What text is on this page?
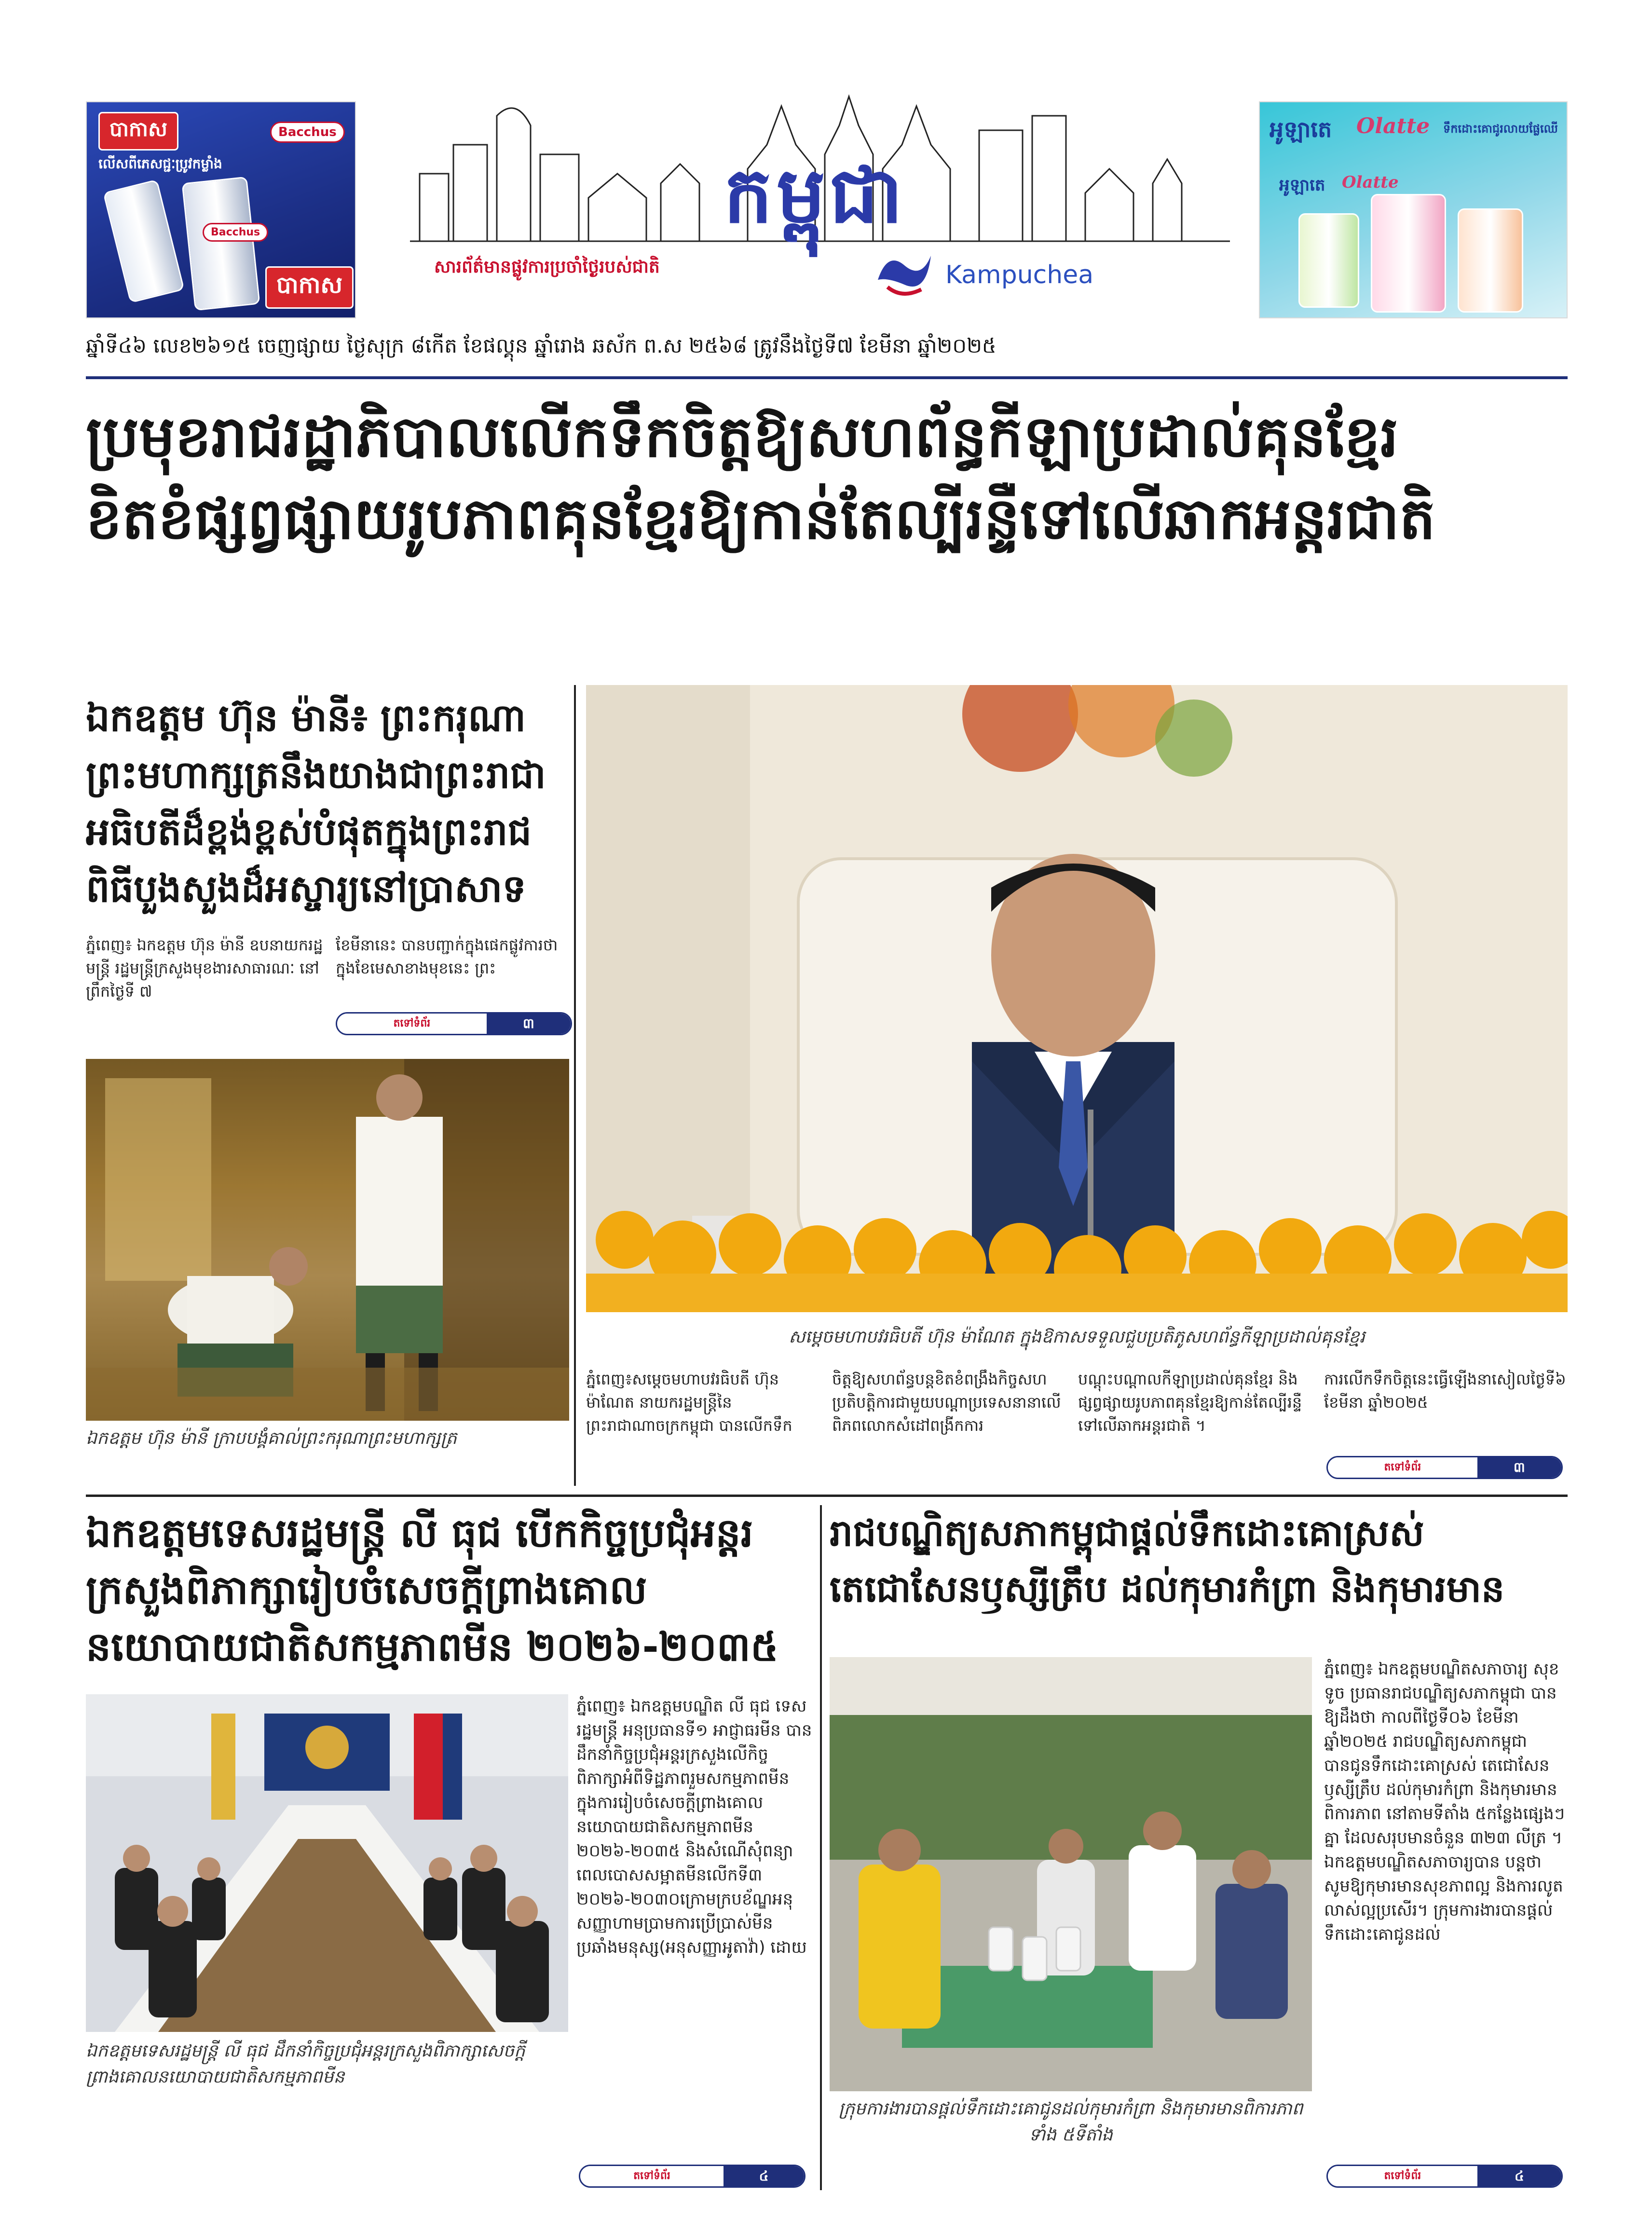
បាកាស
លើសពីភេសជ្ជៈប្រូវកម្លាំង
Bacchus
Bacchus
បាកាស
អូឡាតេ Olatte ទឹកដោះគោជូរលាយផ្លែឈើ
អូឡាតេ Olatte
កម្ពុជា
សារព័ត៌មានផ្លូវការប្រចាំថ្ងៃរបស់ជាតិ	Kampuchea
ឆ្នាំទី៤៦ លេខ២៦១៥ ចេញផ្សាយ ថ្ងៃសុក្រ ៨កើត ខែផល្គុន ឆ្នាំរោង ឆស័ក ព.ស ២៥៦៨ ត្រូវនឹងថ្ងៃទី៧ ខែមីនា ឆ្នាំ២០២៥
ប្រមុខរាជរដ្ឋាភិបាលលើកទឹកចិត្តឱ្យសហព័ន្ធកីឡាប្រដាល់គុនខ្មែរ
ខិតខំផ្សព្វផ្សាយរូបភាពគុនខ្មែរឱ្យកាន់តែល្បីរន្ទឺទៅលើឆាកអន្តរជាតិ
ឯកឧត្តម ហ៊ុន ម៉ានី៖ ព្រះករុណាព្រះមហាក្សត្រនឹងយាងជាព្រះរាជាអធិបតីដ៏ខ្ពង់ខ្ពស់បំផុតក្នុងព្រះរាជពិធីបួងសួងដ៏អស្ចារ្យនៅប្រាសាទ
ភ្នំពេញ៖ ឯកឧត្តម ហ៊ុន ម៉ានី ឧបនាយករដ្ឋមន្ត្រី រដ្ឋមន្ត្រីក្រសួងមុខងារសាធារណៈ នៅព្រឹកថ្ងៃទី ៧
ខែមីនានេះ បានបញ្ជាក់ក្នុងផេកផ្លូវការថា ក្នុងខែមេសាខាងមុខនេះ ព្រះ
តទៅទំព័រ	៣
ឯកឧត្តម ហ៊ុន ម៉ានី ក្រាបបង្គំគាល់ព្រះករុណាព្រះមហាក្សត្រ
សម្តេចមហាបវរធិបតី ហ៊ុន ម៉ាណែត ក្នុងឱកាសទទួលជួបប្រតិភូសហព័ន្ធកីឡាប្រដាល់គុនខ្មែរ
ភ្នំពេញ៖សម្តេចមហាបវរធិបតី ហ៊ុន ម៉ាណែត នាយករដ្ឋមន្ត្រីនៃព្រះរាជាណាចក្រកម្ពុជា បានលើកទឹក
ចិត្តឱ្យសហព័ន្ធបន្តខិតខំពង្រឹងកិច្ចសហប្រតិបត្តិការជាមួយបណ្តាប្រទេសនានាលើពិភពលោកសំដៅពង្រីកការ
បណ្តុះបណ្តាលកីឡាប្រដាល់គុនខ្មែរ និងផ្សព្វផ្សាយរូបភាពគុនខ្មែរឱ្យកាន់តែល្បីរន្ទឺទៅលើឆាកអន្តរជាតិ ។
ការលើកទឹកចិត្តនេះធ្វើឡើងនាសៀលថ្ងៃទី៦ ខែមីនា ឆ្នាំ២០២៥
តទៅទំព័រ	៣
ឯកឧត្តមទេសរដ្ឋមន្ត្រី លី ធុជ បើកកិច្ចប្រជុំអន្តរក្រសួងពិភាក្សារៀបចំសេចក្តីព្រាងគោលនយោបាយជាតិសកម្មភាពមីន ២០២៦-២០៣៥
ភ្នំពេញ៖ ឯកឧត្តមបណ្ឌិត លី ធុជ ទេសរដ្ឋមន្ត្រី អនុប្រធានទី១ អាជ្ញាធរមីន បានដឹកនាំកិច្ចប្រជុំអន្តរក្រសួងលើកិច្ចពិភាក្សាអំពីទិដ្ឋភាពរួមសកម្មភាពមីន ក្នុងការរៀបចំសេចក្តីព្រាងគោលនយោបាយជាតិសកម្មភាពមីន ២០២៦-២០៣៥ និងសំណើសុំពន្យាពេលបោសសម្អាតមីនលើកទី៣ ២០២៦-២០៣០ក្រោមក្របខ័ណ្ឌអនុសញ្ញាហាមប្រាមការប្រើប្រាស់មីនប្រឆាំងមនុស្ស(អនុសញ្ញាអូតាវ៉ា) ដោយ
ឯកឧត្តមទេសរដ្ឋមន្ត្រី លី ធុជ ដឹកនាំកិច្ចប្រជុំអន្តរក្រសួងពិភាក្សាសេចក្តីព្រាងគោលនយោបាយជាតិសកម្មភាពមីន
តទៅទំព័រ	៤
រាជបណ្ឌិត្យសភាកម្ពុជាផ្តល់ទឹកដោះគោស្រស់ តេជោសែនឫស្សីត្រឹប ដល់កុមារកំព្រា និងកុមារមាន
ភ្នំពេញ៖ ឯកឧត្តមបណ្ឌិតសភាចារ្យ សុខ ទូច ប្រធានរាជបណ្ឌិត្យសភាកម្ពុជា បានឱ្យដឹងថា កាលពីថ្ងៃទី០៦ ខែមីនា ឆ្នាំ២០២៥ រាជបណ្ឌិត្យសភាកម្ពុជា បានជូនទឹកដោះគោស្រស់ តេជោសែនឫស្សីត្រឹប ដល់កុមារកំព្រា និងកុមារមានពិការភាព នៅតាមទីតាំង ៥កន្លែងផ្សេងៗគ្នា ដែលសរុបមានចំនួន ៣២៣ លីត្រ ។ ឯកឧត្តមបណ្ឌិតសភាចារ្យបាន បន្តថា សូមឱ្យកុមារមានសុខភាពល្អ និងការលូតលាស់ល្អប្រសើរ។ ក្រុមការងារបានផ្តល់ទឹកដោះគោជូនដល់
ក្រុមការងារបានផ្តល់ទឹកដោះគោជូនដល់កុមារកំព្រា និងកុមារមានពិការភាពទាំង ៥ទីតាំង
តទៅទំព័រ	៤
